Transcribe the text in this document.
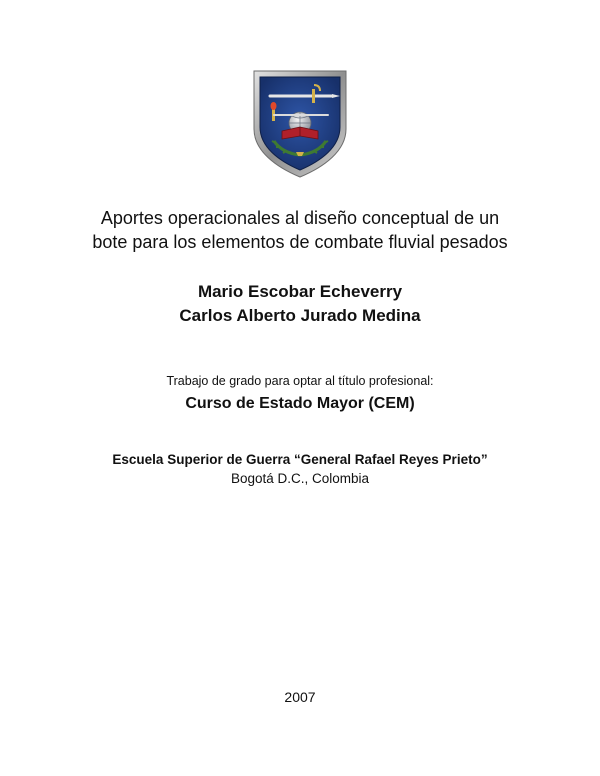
Aportes operacionales al diseño conceptual de un
bote para los elementos de combate fluvial pesados
Mario Escobar Echeverry
Carlos Alberto Jurado Medina
Trabajo de grado para optar al título profesional:
Curso de Estado Mayor (CEM)
Escuela Superior de Guerra “General Rafael Reyes Prieto”
Bogotá D.C., Colombia
2007
